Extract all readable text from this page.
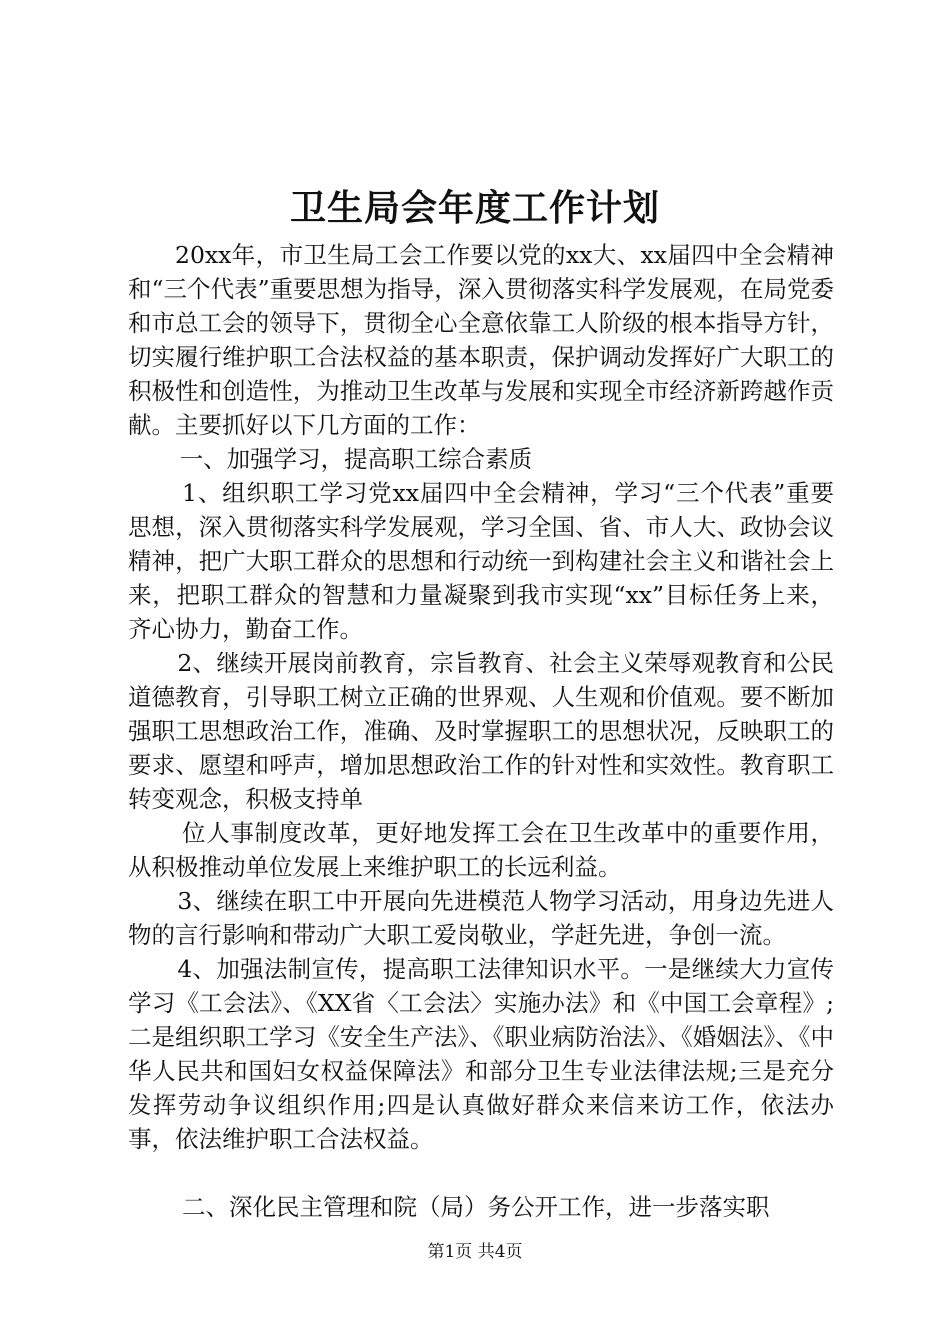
卫生局会年度工作计划

20xx年，市卫生局工会工作要以党的xx大、xx届四中全会精神和“三个代表”重要思想为指导，深入贯彻落实科学发展观，在局党委和市总工会的领导下，贯彻全心全意依靠工人阶级的根本指导方针，切实履行维护职工合法权益的基本职责，保护调动发挥好广大职工的积极性和创造性，为推动卫生改革与发展和实现全市经济新跨越作贡献。主要抓好以下几方面的工作：

一、加强学习，提高职工综合素质

1、组织职工学习党xx届四中全会精神，学习“三个代表”重要思想，深入贯彻落实科学发展观，学习全国、省、市人大、政协会议精神，把广大职工群众的思想和行动统一到构建社会主义和谐社会上来，把职工群众的智慧和力量凝聚到我市实现“xx”目标任务上来，齐心协力，勤奋工作。

2、继续开展岗前教育，宗旨教育、社会主义荣辱观教育和公民道德教育，引导职工树立正确的世界观、人生观和价值观。要不断加强职工思想政治工作，准确、及时掌握职工的思想状况，反映职工的要求、愿望和呼声，增加思想政治工作的针对性和实效性。教育职工转变观念，积极支持单

位人事制度改革，更好地发挥工会在卫生改革中的重要作用，从积极推动单位发展上来维护职工的长远利益。

3、继续在职工中开展向先进模范人物学习活动，用身边先进人物的言行影响和带动广大职工爱岗敬业，学赶先进，争创一流。

4、加强法制宣传，提高职工法律知识水平。一是继续大力宣传学习《工会法》、《XX省〈工会法〉实施办法》和《中国工会章程》;二是组织职工学习《安全生产法》、《职业病防治法》、《婚姻法》、《中华人民共和国妇女权益保障法》和部分卫生专业法律法规;三是充分发挥劳动争议组织作用;四是认真做好群众来信来访工作，依法办事，依法维护职工合法权益。

二、深化民主管理和院（局）务公开工作，进一步落实职

第1页 共4页
